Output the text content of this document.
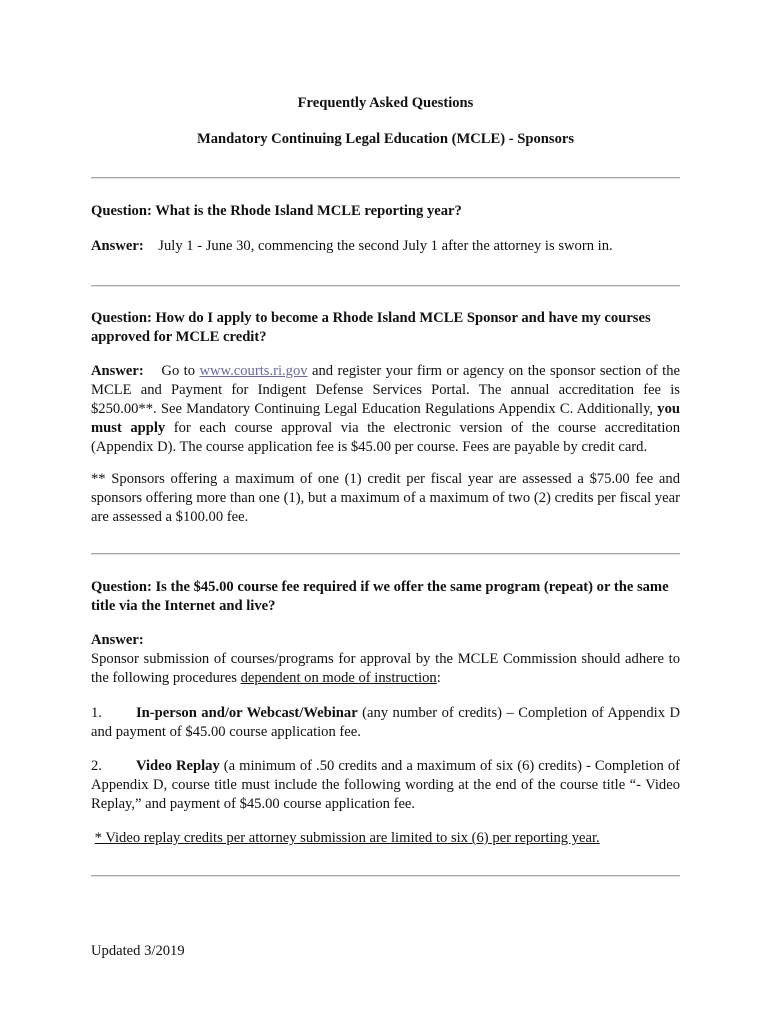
Frequently Asked Questions
Mandatory Continuing Legal Education (MCLE) - Sponsors
Question: What is the Rhode Island MCLE reporting year?
Answer: July 1 - June 30, commencing the second July 1 after the attorney is sworn in.
Question: How do I apply to become a Rhode Island MCLE Sponsor and have my courses approved for MCLE credit?
Answer: Go to www.courts.ri.gov and register your firm or agency on the sponsor section of the MCLE and Payment for Indigent Defense Services Portal. The annual accreditation fee is $250.00**. See Mandatory Continuing Legal Education Regulations Appendix C. Additionally, you must apply for each course approval via the electronic version of the course accreditation (Appendix D). The course application fee is $45.00 per course. Fees are payable by credit card.
** Sponsors offering a maximum of one (1) credit per fiscal year are assessed a $75.00 fee and sponsors offering more than one (1), but a maximum of a maximum of two (2) credits per fiscal year are assessed a $100.00 fee.
Question: Is the $45.00 course fee required if we offer the same program (repeat) or the same title via the Internet and live?
Answer:
Sponsor submission of courses/programs for approval by the MCLE Commission should adhere to the following procedures dependent on mode of instruction:
1. In-person and/or Webcast/Webinar (any number of credits) – Completion of Appendix D and payment of $45.00 course application fee.
2. Video Replay (a minimum of .50 credits and a maximum of six (6) credits) - Completion of Appendix D, course title must include the following wording at the end of the course title “- Video Replay,” and payment of $45.00 course application fee.
* Video replay credits per attorney submission are limited to six (6) per reporting year.
Updated 3/2019
